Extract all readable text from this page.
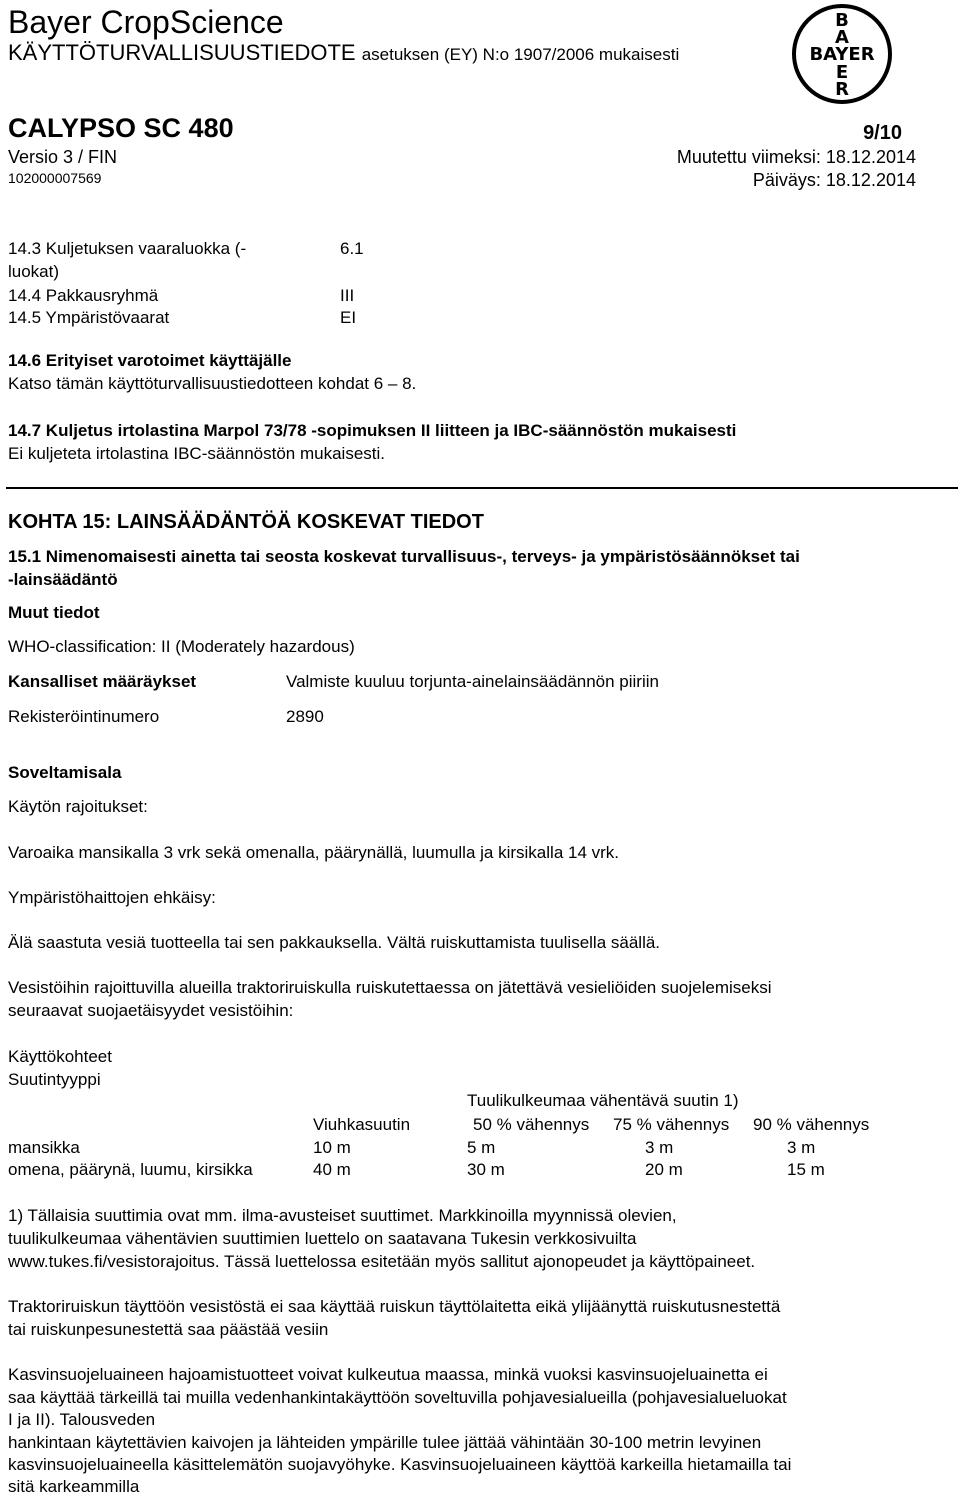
Bayer CropScience
KÄYTTÖTURVALLISUUSTIEDOTE asetuksen (EY) N:o 1907/2006 mukaisesti
B
A
BAYER
E
R
CALYPSO SC 480	9/10
Versio 3 / FIN	Muutettu viimeksi: 18.12.2014
102000007569	Päiväys: 18.12.2014
14.3 Kuljetuksen vaaraluokka (-	6.1
luokat)
14.4 Pakkausryhmä	III
14.5 Ympäristövaarat	EI
14.6 Erityiset varotoimet käyttäjälle
Katso tämän käyttöturvallisuustiedotteen kohdat 6 – 8.
14.7 Kuljetus irtolastina Marpol 73/78 -sopimuksen II liitteen ja IBC-säännöstön mukaisesti
Ei kuljeteta irtolastina IBC-säännöstön mukaisesti.
KOHTA 15: LAINSÄÄDÄNTÖÄ KOSKEVAT TIEDOT
15.1 Nimenomaisesti ainetta tai seosta koskevat turvallisuus-, terveys- ja ympäristösäännökset tai
-lainsäädäntö
Muut tiedot
WHO-classification: II (Moderately hazardous)
Kansalliset määräykset	Valmiste kuuluu torjunta-ainelainsäädännön piiriin
Rekisteröintinumero	2890
Soveltamisala
Käytön rajoitukset:
Varoaika mansikalla 3 vrk sekä omenalla, päärynällä, luumulla ja kirsikalla 14 vrk.
Ympäristöhaittojen ehkäisy:
Älä saastuta vesiä tuotteella tai sen pakkauksella. Vältä ruiskuttamista tuulisella säällä.
Vesistöihin rajoittuvilla alueilla traktoriruiskulla ruiskutettaessa on jätettävä vesieliöiden suojelemiseksi
seuraavat suojaetäisyydet vesistöihin:
Käyttökohteet
Suutintyyppi
Tuulikulkeumaa vähentävä suutin 1)
Viuhkasuutin	50 % vähennys 75 % vähennys 90 % vähennys
mansikka	10 m	5 m	3 m	3 m
omena, päärynä, luumu, kirsikka	40 m	30 m	20 m	15 m
1) Tällaisia suuttimia ovat mm. ilma-avusteiset suuttimet. Markkinoilla myynnissä olevien,
tuulikulkeumaa vähentävien suuttimien luettelo on saatavana Tukesin verkkosivuilta
www.tukes.fi/vesistorajoitus. Tässä luettelossa esitetään myös sallitut ajonopeudet ja käyttöpaineet.
Traktoriruiskun täyttöön vesistöstä ei saa käyttää ruiskun täyttölaitetta eikä ylijäänyttä ruiskutusnestettä
tai ruiskunpesunestettä saa päästää vesiin
Kasvinsuojeluaineen hajoamistuotteet voivat kulkeutua maassa, minkä vuoksi kasvinsuojeluainetta ei
saa käyttää tärkeillä tai muilla vedenhankintakäyttöön soveltuvilla pohjavesialueilla (pohjavesialueluokat
I ja II). Talousveden
hankintaan käytettävien kaivojen ja lähteiden ympärille tulee jättää vähintään 30-100 metrin levyinen
kasvinsuojeluaineella käsittelemätön suojavyöhyke. Kasvinsuojeluaineen käyttöä karkeilla hietamailla tai
sitä karkeammilla
